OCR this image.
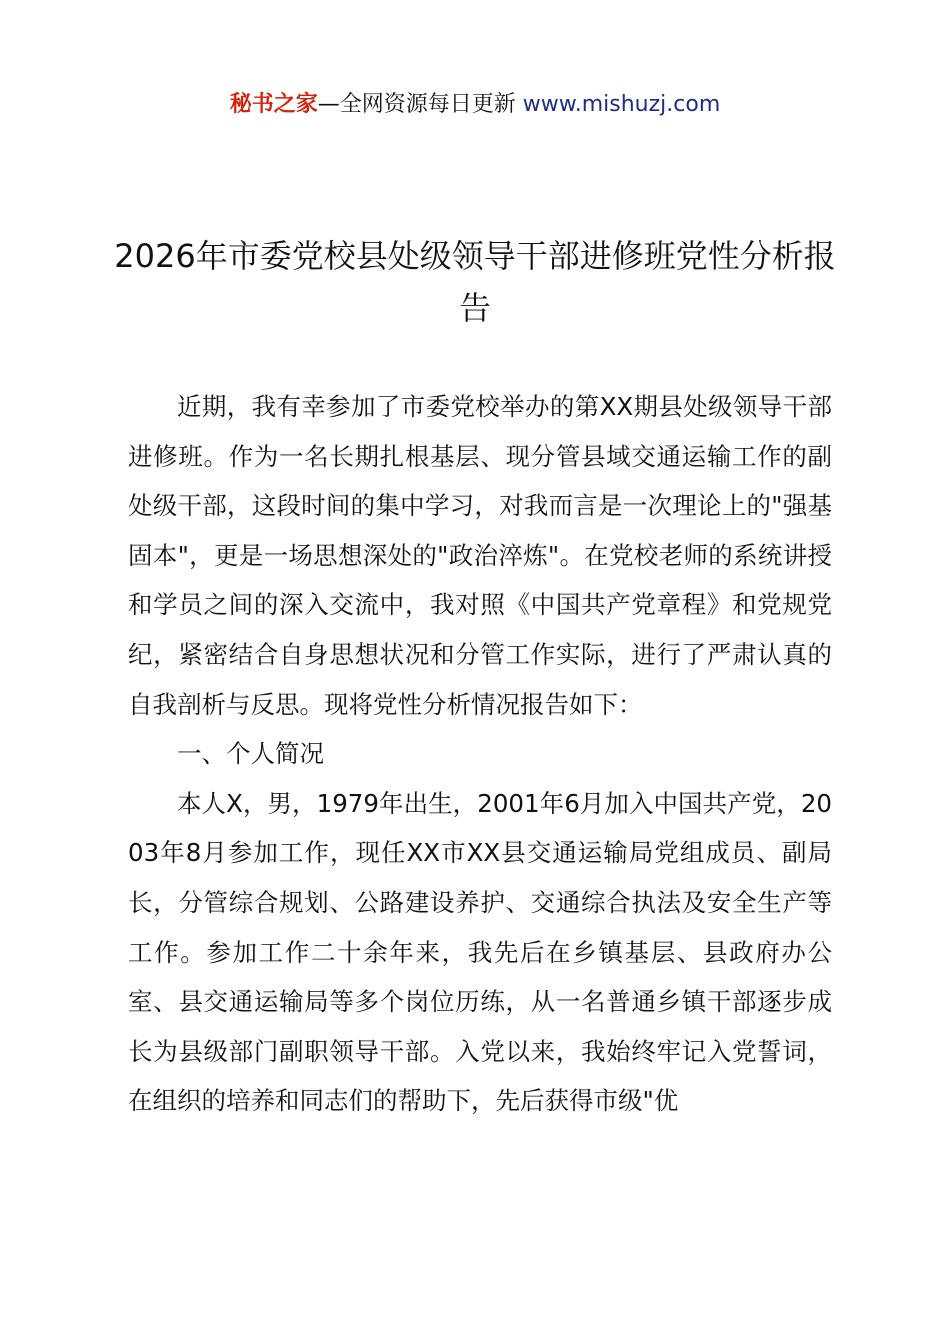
秘书之家—全网资源每日更新 www.mishuzj.com
2026年市委党校县处级领导干部进修班党性分析报告

近期，我有幸参加了市委党校举办的第XX期县处级领导干部进修班。作为一名长期扎根基层、现分管县域交通运输工作的副处级干部，这段时间的集中学习，对我而言是一次理论上的"强基固本"，更是一场思想深处的"政治淬炼"。在党校老师的系统讲授和学员之间的深入交流中，我对照《中国共产党章程》和党规党纪，紧密结合自身思想状况和分管工作实际，进行了严肃认真的自我剖析与反思。现将党性分析情况报告如下：

一、个人简况

本人X，男，1979年出生，2001年6月加入中国共产党，2003年8月参加工作，现任XX市XX县交通运输局党组成员、副局长，分管综合规划、公路建设养护、交通综合执法及安全生产等工作。参加工作二十余年来，我先后在乡镇基层、县政府办公室、县交通运输局等多个岗位历练，从一名普通乡镇干部逐步成长为县级部门副职领导干部。入党以来，我始终牢记入党誓词，在组织的培养和同志们的帮助下，先后获得市级"优
